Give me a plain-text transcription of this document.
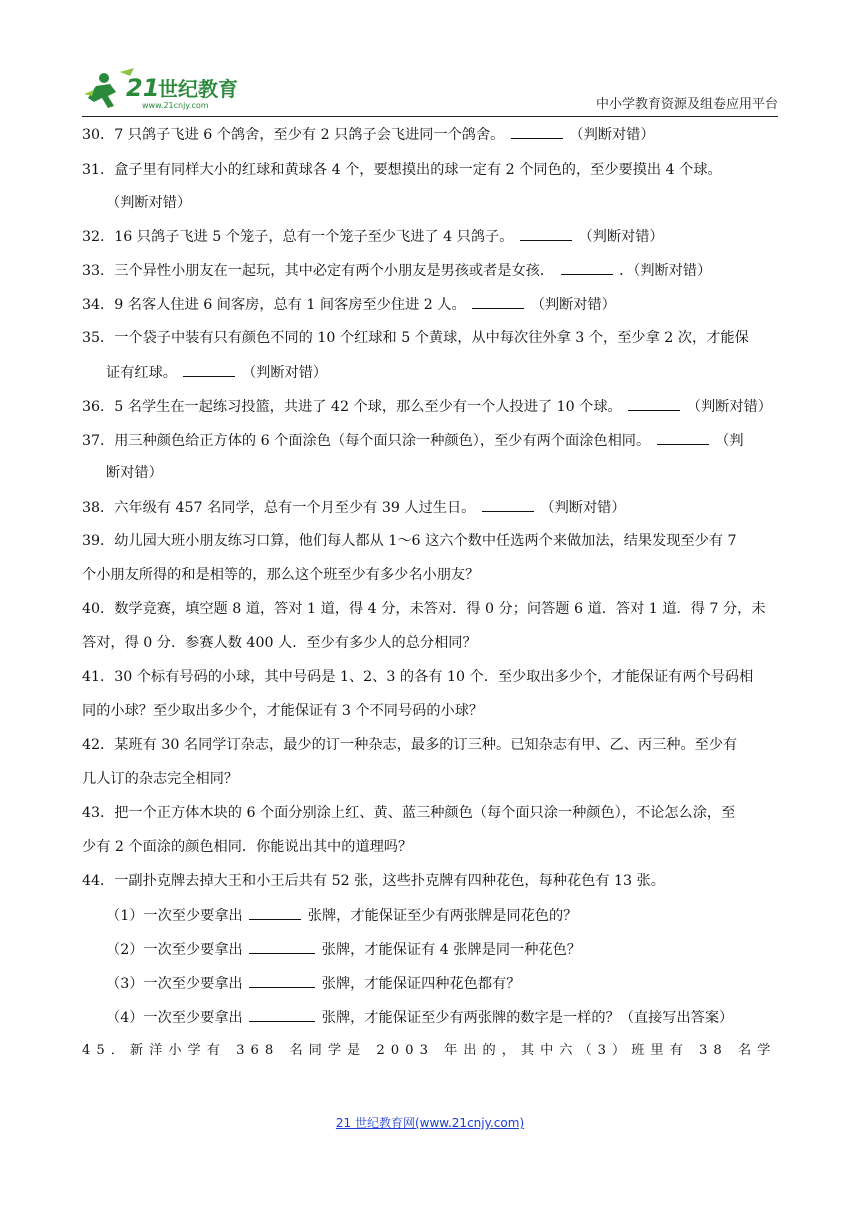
21
世纪教育
www.21cnjy.com	中小学教育资源及组卷应用平台
30．7 只鸽子飞进 6 个鸽舍，至少有 2 只鸽子会飞进同一个鸽舍。	（判断对错）
31．盒子里有同样大小的红球和黄球各 4 个，要想摸出的球一定有 2 个同色的，至少要摸出 4 个球。
（判断对错）
32．16 只鸽子飞进 5 个笼子，总有一个笼子至少飞进了 4 只鸽子。	（判断对错）
33．三个异性小朋友在一起玩，其中必定有两个小朋友是男孩或者是女孩．	．（判断对错）
34．9 名客人住进 6 间客房，总有 1 间客房至少住进 2 人。	（判断对错）
35．一个袋子中装有只有颜色不同的 10 个红球和 5 个黄球，从中每次往外拿 3 个，至少拿 2 次，才能保
证有红球。	（判断对错）
36．5 名学生在一起练习投篮，共进了 42 个球，那么至少有一个人投进了 10 个球。	（判断对错）
37．用三种颜色给正方体的 6 个面涂色（每个面只涂一种颜色），至少有两个面涂色相同。	（判
断对错）
38．六年级有 457 名同学，总有一个月至少有 39 人过生日。	（判断对错）
39．幼儿园大班小朋友练习口算，他们每人都从 1～6 这六个数中任选两个来做加法，结果发现至少有 7
个小朋友所得的和是相等的，那么这个班至少有多少名小朋友？
40．数学竞赛，填空题 8 道，答对 1 道，得 4 分，未答对．得 0 分；问答题 6 道．答对 1 道．得 7 分，未
答对，得 0 分．参赛人数 400 人．至少有多少人的总分相同？
41．30 个标有号码的小球，其中号码是 1、2、3 的各有 10 个．至少取出多少个，才能保证有两个号码相
同的小球？至少取出多少个，才能保证有 3 个不同号码的小球？
42．某班有 30 名同学订杂志，最少的订一种杂志，最多的订三种。已知杂志有甲、乙、丙三种。至少有
几人订的杂志完全相同？
43．把一个正方体木块的 6 个面分别涂上红、黄、蓝三种颜色（每个面只涂一种颜色），不论怎么涂，至
少有 2 个面涂的颜色相同．你能说出其中的道理吗？
44．一副扑克牌去掉大王和小王后共有 52 张，这些扑克牌有四种花色，每种花色有 13 张。
（1）一次至少要拿出	张牌，才能保证至少有两张牌是同花色的？
（2）一次至少要拿出	张牌，才能保证有 4 张牌是同一种花色？
（3）一次至少要拿出	张牌，才能保证四种花色都有？
（4）一次至少要拿出	张牌，才能保证至少有两张牌的数字是一样的？（直接写出答案）
45．新洋小学有 368 名同学是 2003 年出的，其中六（3）班里有 38 名学
21 世纪教育网(www.21cnjy.com)
